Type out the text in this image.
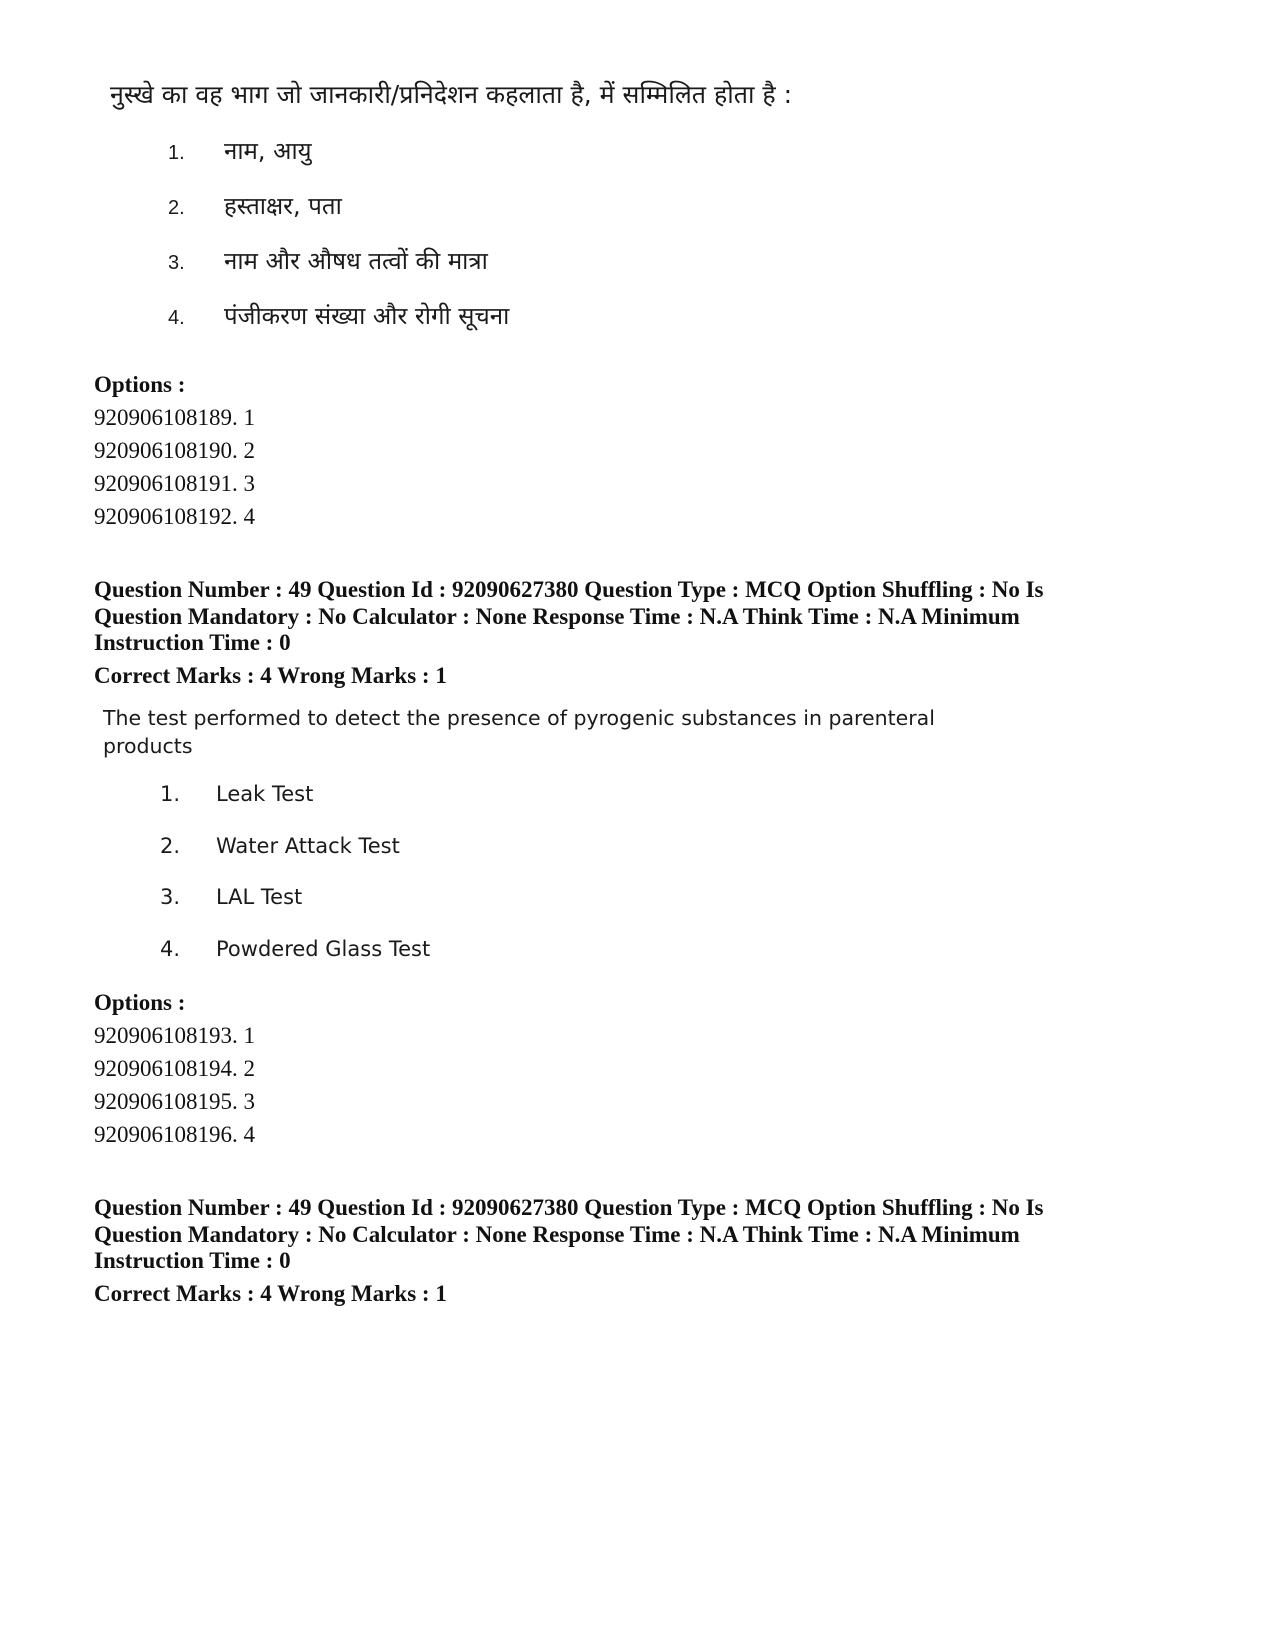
नुस्खे का वह भाग जो जानकारी/प्रनिदेशन कहलाता है, में सम्मिलित होता है :

1.	नाम, आयु
2.	हस्ताक्षर, पता
3.	नाम और औषध तत्वों की मात्रा
4.	पंजीकरण संख्या और रोगी सूचना
Options :
920906108189. 1
920906108190. 2
920906108191. 3
920906108192. 4
Question Number : 49 Question Id : 92090627380 Question Type : MCQ Option Shuffling : No Is
Question Mandatory : No Calculator : None Response Time : N.A Think Time : N.A Minimum
Instruction Time : 0
Correct Marks : 4 Wrong Marks : 1

The test performed to detect the presence of pyrogenic substances in parenteral
products

1.	Leak Test
2.	Water Attack Test
3.	LAL Test
4.	Powdered Glass Test
Options :
920906108193. 1
920906108194. 2
920906108195. 3
920906108196. 4
Question Number : 49 Question Id : 92090627380 Question Type : MCQ Option Shuffling : No Is
Question Mandatory : No Calculator : None Response Time : N.A Think Time : N.A Minimum
Instruction Time : 0
Correct Marks : 4 Wrong Marks : 1
